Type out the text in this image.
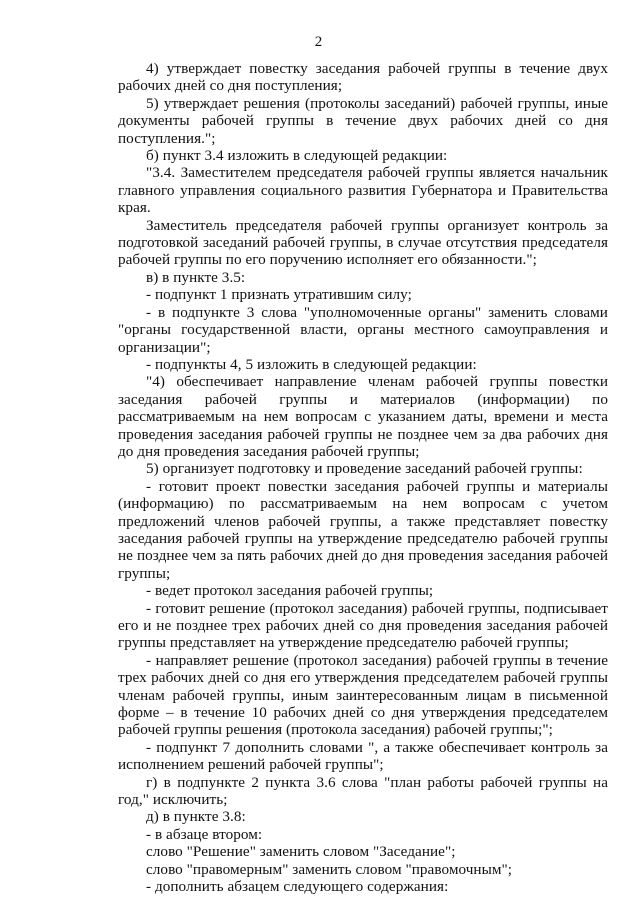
2

4) утверждает повестку заседания рабочей группы в течение двух рабочих дней со дня поступления;

5) утверждает решения (протоколы заседаний) рабочей группы, иные документы рабочей группы в течение двух рабочих дней со дня поступления.";

б) пункт 3.4 изложить в следующей редакции:

"3.4. Заместителем председателя рабочей группы является начальник главного управления социального развития Губернатора и Правительства края.

Заместитель председателя рабочей группы организует контроль за подготовкой заседаний рабочей группы, в случае отсутствия председателя рабочей группы по его поручению исполняет его обязанности.";

в) в пункте 3.5:

- подпункт 1 признать утратившим силу;

- в подпункте 3 слова "уполномоченные органы" заменить словами "органы государственной власти, органы местного самоуправления и организации";

- подпункты 4, 5 изложить в следующей редакции:

"4) обеспечивает направление членам рабочей группы повестки заседания рабочей группы и материалов (информации) по рассматриваемым на нем вопросам с указанием даты, времени и места проведения заседания рабочей группы не позднее чем за два рабочих дня до дня проведения заседания рабочей группы;

5) организует подготовку и проведение заседаний рабочей группы:

- готовит проект повестки заседания рабочей группы и материалы (информацию) по рассматриваемым на нем вопросам с учетом предложений членов рабочей группы, а также представляет повестку заседания рабочей группы на утверждение председателю рабочей группы не позднее чем за пять рабочих дней до дня проведения заседания рабочей группы;

- ведет протокол заседания рабочей группы;

- готовит решение (протокол заседания) рабочей группы, подписывает его и не позднее трех рабочих дней со дня проведения заседания рабочей группы представляет на утверждение председателю рабочей группы;

- направляет решение (протокол заседания) рабочей группы в течение трех рабочих дней со дня его утверждения председателем рабочей группы членам рабочей группы, иным заинтересованным лицам в письменной форме – в течение 10 рабочих дней со дня утверждения председателем рабочей группы решения (протокола заседания) рабочей группы;";

- подпункт 7 дополнить словами ", а также обеспечивает контроль за исполнением решений рабочей группы";

г) в подпункте 2 пункта 3.6 слова "план работы рабочей группы на год," исключить;

д) в пункте 3.8:

- в абзаце втором:

слово "Решение" заменить словом "Заседание";

слово "правомерным" заменить словом "правомочным";

- дополнить абзацем следующего содержания:
